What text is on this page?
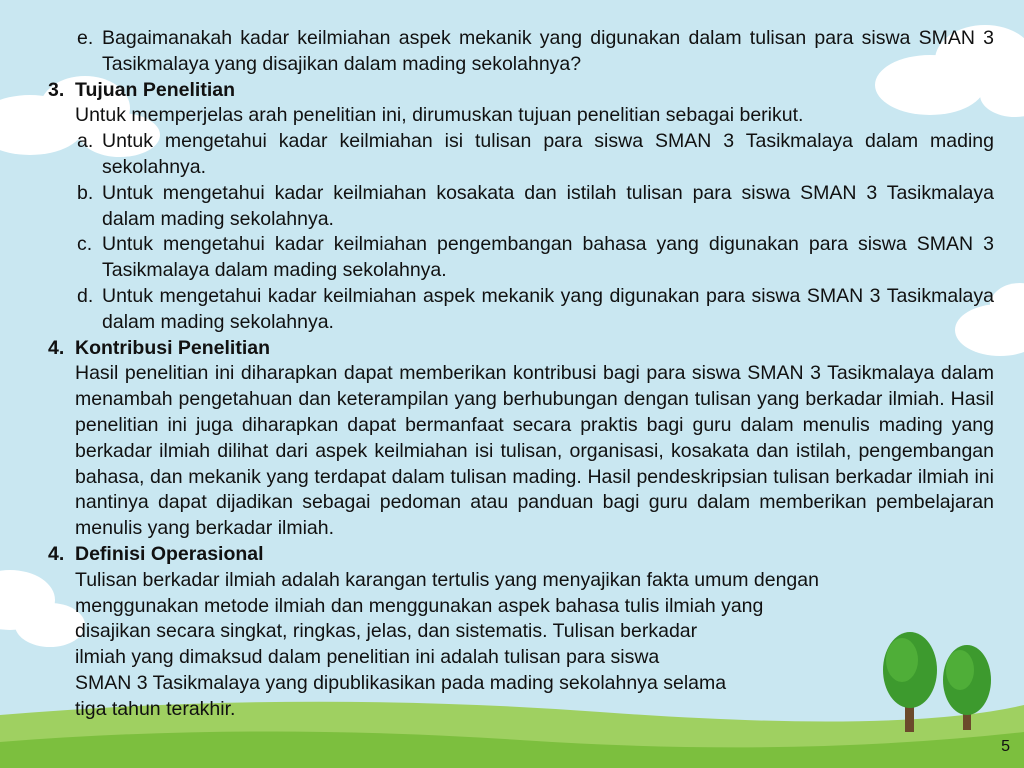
e. Bagaimanakah kadar keilmiahan aspek mekanik yang digunakan dalam tulisan para siswa SMAN 3 Tasikmalaya yang disajikan dalam mading sekolahnya?
3. Tujuan Penelitian
Untuk memperjelas arah penelitian ini, dirumuskan tujuan penelitian sebagai berikut.
a. Untuk mengetahui kadar keilmiahan isi tulisan para siswa SMAN 3 Tasikmalaya dalam mading sekolahnya.
b. Untuk mengetahui kadar keilmiahan kosakata dan istilah tulisan para siswa SMAN 3 Tasikmalaya dalam mading sekolahnya.
c. Untuk mengetahui kadar keilmiahan pengembangan bahasa yang digunakan para siswa SMAN 3 Tasikmalaya dalam mading sekolahnya.
d. Untuk mengetahui kadar keilmiahan aspek mekanik yang digunakan para siswa SMAN 3 Tasikmalaya dalam mading sekolahnya.
4. Kontribusi Penelitian
Hasil penelitian ini diharapkan dapat memberikan kontribusi bagi para siswa SMAN 3 Tasikmalaya dalam menambah pengetahuan dan keterampilan yang berhubungan dengan tulisan yang berkadar ilmiah. Hasil penelitian ini juga diharapkan dapat bermanfaat secara praktis bagi guru dalam menulis mading yang berkadar ilmiah dilihat dari aspek keilmiahan isi tulisan, organisasi, kosakata dan istilah, pengembangan bahasa, dan mekanik yang terdapat dalam tulisan mading. Hasil pendeskripsian tulisan berkadar ilmiah ini nantinya dapat dijadikan sebagai pedoman atau panduan bagi guru dalam memberikan pembelajaran menulis yang berkadar ilmiah.
4. Definisi Operasional
Tulisan berkadar ilmiah adalah karangan tertulis yang menyajikan fakta umum dengan
menggunakan metode ilmiah dan menggunakan aspek bahasa tulis ilmiah yang
disajikan secara singkat, ringkas, jelas, dan sistematis. Tulisan berkadar
ilmiah yang dimaksud dalam penelitian ini adalah tulisan para siswa
SMAN 3 Tasikmalaya yang dipublikasikan pada mading sekolahnya selama
tiga tahun terakhir.
5
